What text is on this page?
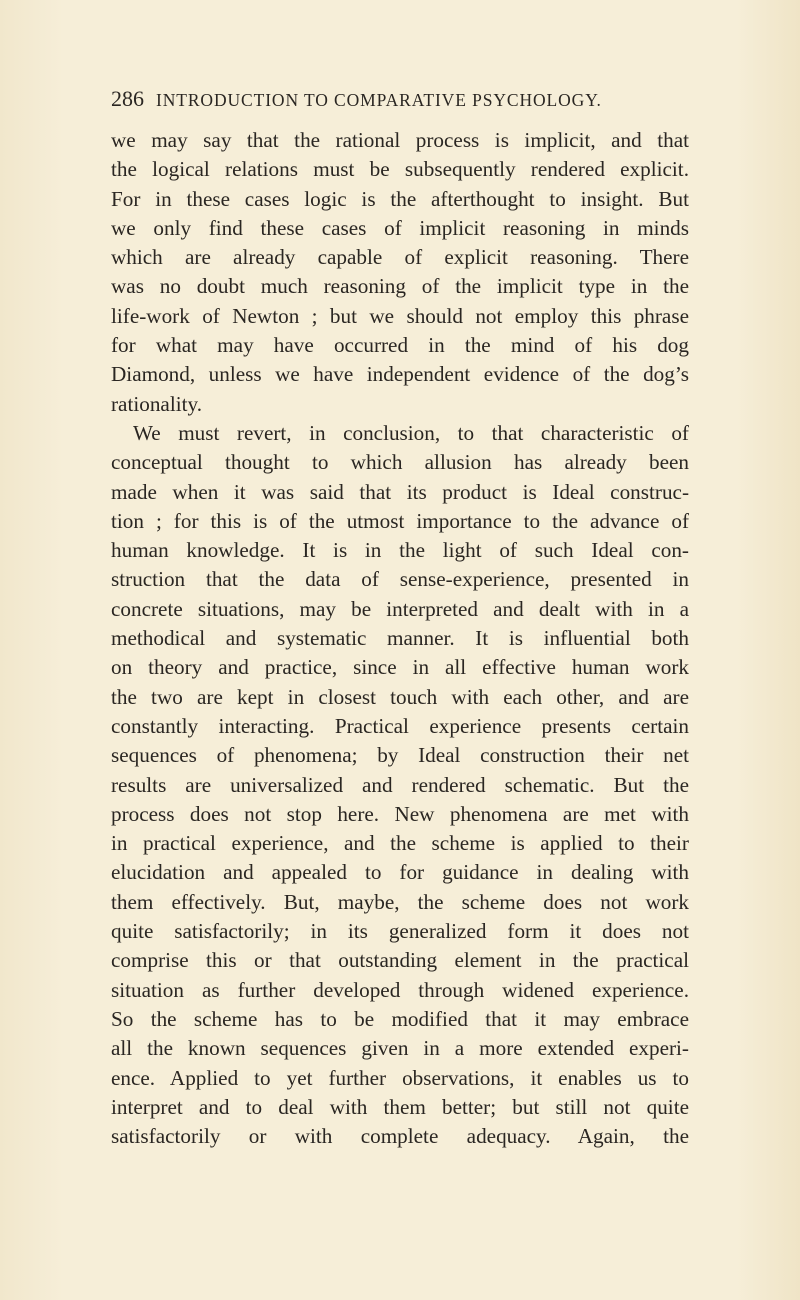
286 INTRODUCTION TO COMPARATIVE PSYCHOLOGY.
we may say that the rational process is implicit, and that
the logical relations must be subsequently rendered explicit.
For in these cases logic is the afterthought to insight. But
we only find these cases of implicit reasoning in minds
which are already capable of explicit reasoning. There
was no doubt much reasoning of the implicit type in the
life-work of Newton ; but we should not employ this phrase
for what may have occurred in the mind of his dog
Diamond, unless we have independent evidence of the dog’s
rationality.
We must revert, in conclusion, to that characteristic of
conceptual thought to which allusion has already been
made when it was said that its product is Ideal construc-
tion ; for this is of the utmost importance to the advance of
human knowledge. It is in the light of such Ideal con-
struction that the data of sense-experience, presented in
concrete situations, may be interpreted and dealt with in a
methodical and systematic manner. It is influential both
on theory and practice, since in all effective human work
the two are kept in closest touch with each other, and are
constantly interacting. Practical experience presents certain
sequences of phenomena; by Ideal construction their net
results are universalized and rendered schematic. But the
process does not stop here. New phenomena are met with
in practical experience, and the scheme is applied to their
elucidation and appealed to for guidance in dealing with
them effectively. But, maybe, the scheme does not work
quite satisfactorily; in its generalized form it does not
comprise this or that outstanding element in the practical
situation as further developed through widened experience.
So the scheme has to be modified that it may embrace
all the known sequences given in a more extended experi-
ence. Applied to yet further observations, it enables us to
interpret and to deal with them better; but still not quite
satisfactorily or with complete adequacy. Again, the
